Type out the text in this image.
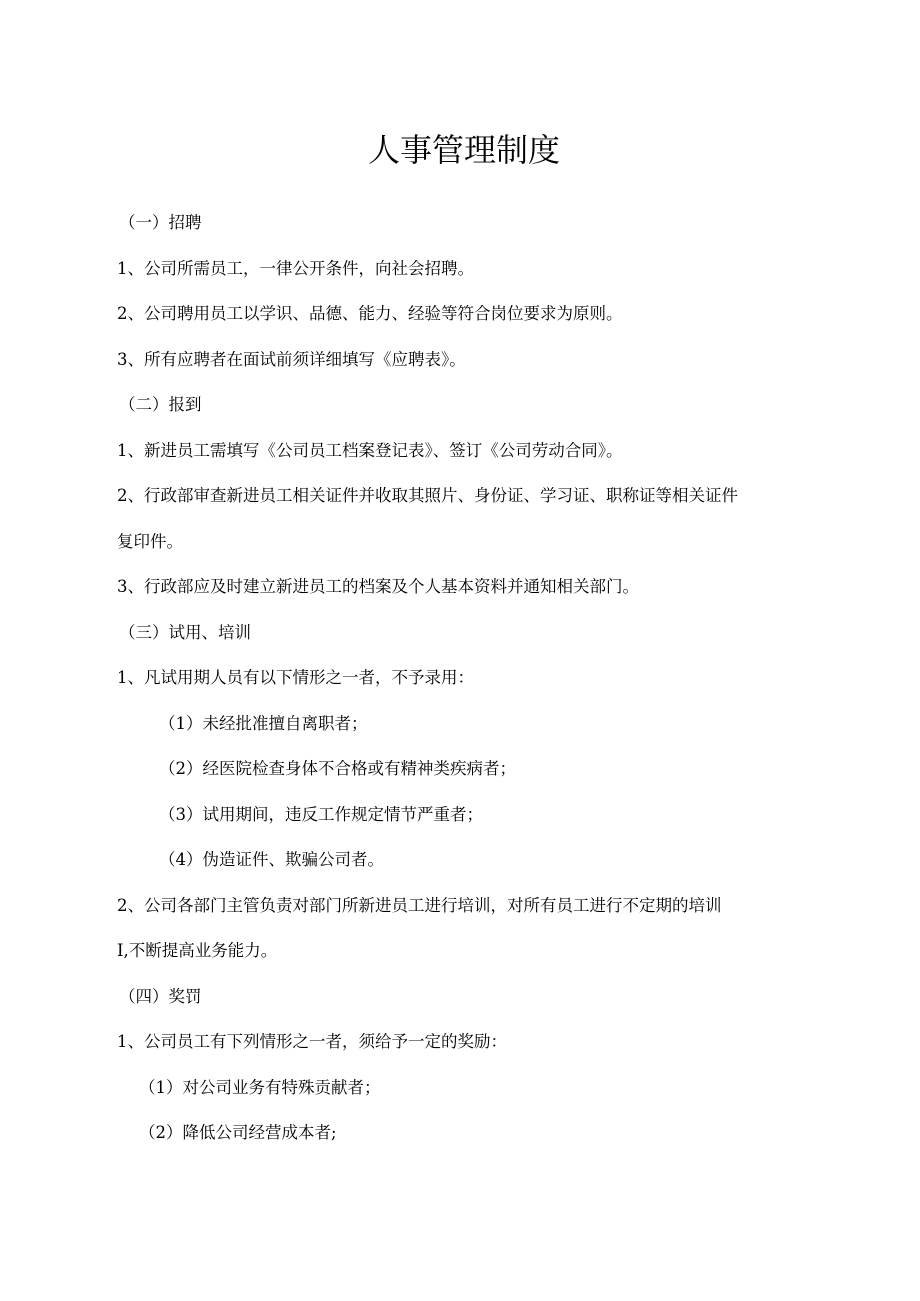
人事管理制度

（一）招聘

1、公司所需员工，一律公开条件，向社会招聘。

2、公司聘用员工以学识、品德、能力、经验等符合岗位要求为原则。

3、所有应聘者在面试前须详细填写《应聘表》。

（二）报到

1、新进员工需填写《公司员工档案登记表》、签订《公司劳动合同》。

2、行政部审查新进员工相关证件并收取其照片、身份证、学习证、职称证等相关证件

复印件。

3、行政部应及时建立新进员工的档案及个人基本资料并通知相关部门。

（三）试用、培训

1、凡试用期人员有以下情形之一者，不予录用：

（1）未经批准擅自离职者；

（2）经医院检查身体不合格或有精神类疾病者；

（3）试用期间，违反工作规定情节严重者；

（4）伪造证件、欺骗公司者。

2、公司各部门主管负责对部门所新进员工进行培训，对所有员工进行不定期的培训

I,不断提高业务能力。

（四）奖罚

1、公司员工有下列情形之一者，须给予一定的奖励：

（1）对公司业务有特殊贡献者；

（2）降低公司经营成本者;
